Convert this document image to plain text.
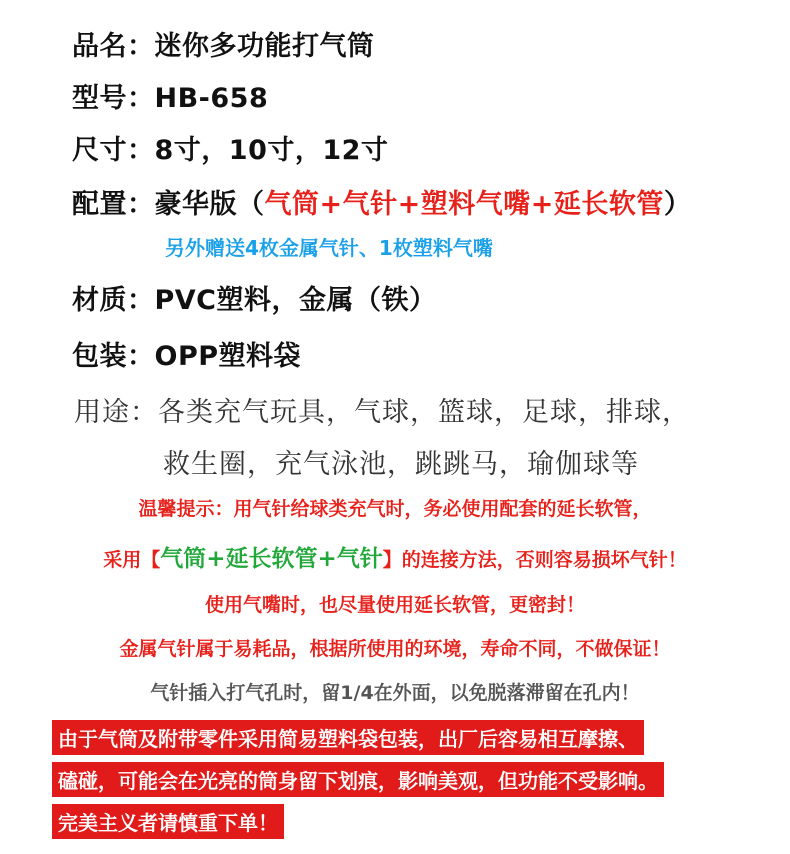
品名：迷你多功能打气筒
型号：HB-658
尺寸：8寸，10寸，12寸
配置：豪华版（气筒+气针+塑料气嘴+延长软管）
另外赠送4枚金属气针、1枚塑料气嘴
材质：PVC塑料，金属（铁）
包装：OPP塑料袋
用途：各类充气玩具，气球，篮球，足球，排球，
救生圈，充气泳池，跳跳马，瑜伽球等
温馨提示：用气针给球类充气时，务必使用配套的延长软管，
采用【气筒+延长软管+气针】的连接方法，否则容易损坏气针！
使用气嘴时，也尽量使用延长软管，更密封！
金属气针属于易耗品，根据所使用的环境，寿命不同，不做保证！
气针插入打气孔时，留1/4在外面，以免脱落滞留在孔内！
由于气筒及附带零件采用简易塑料袋包装，出厂后容易相互摩擦、
磕碰，可能会在光亮的筒身留下划痕，影响美观，但功能不受影响。
完美主义者请慎重下单！
